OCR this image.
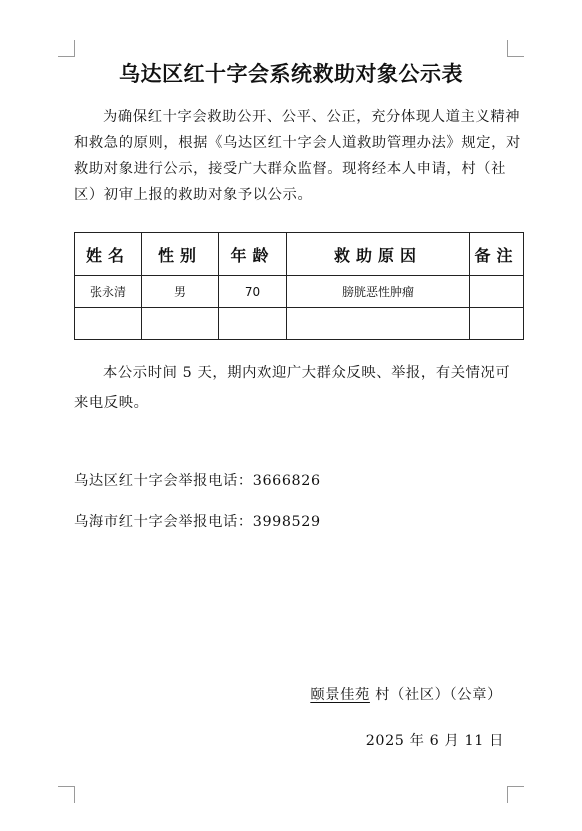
乌达区红十字会系统救助对象公示表
为确保红十字会救助公开、公平、公正，充分体现人道主义精神和救急的原则，根据《乌达区红十字会人道救助管理办法》规定，对救助对象进行公示，接受广大群众监督。现将经本人申请，村（社区）初审上报的救助对象予以公示。
姓名	性别	年龄	救助原因	备注
张永清	男	70	膀胱恶性肿瘤	

本公示时间 5 天，期内欢迎广大群众反映、举报，有关情况可来电反映。
乌达区红十字会举报电话：3666826
乌海市红十字会举报电话：3998529
颐景佳苑 村（社区）（公章）
2025 年 6 月 11 日
